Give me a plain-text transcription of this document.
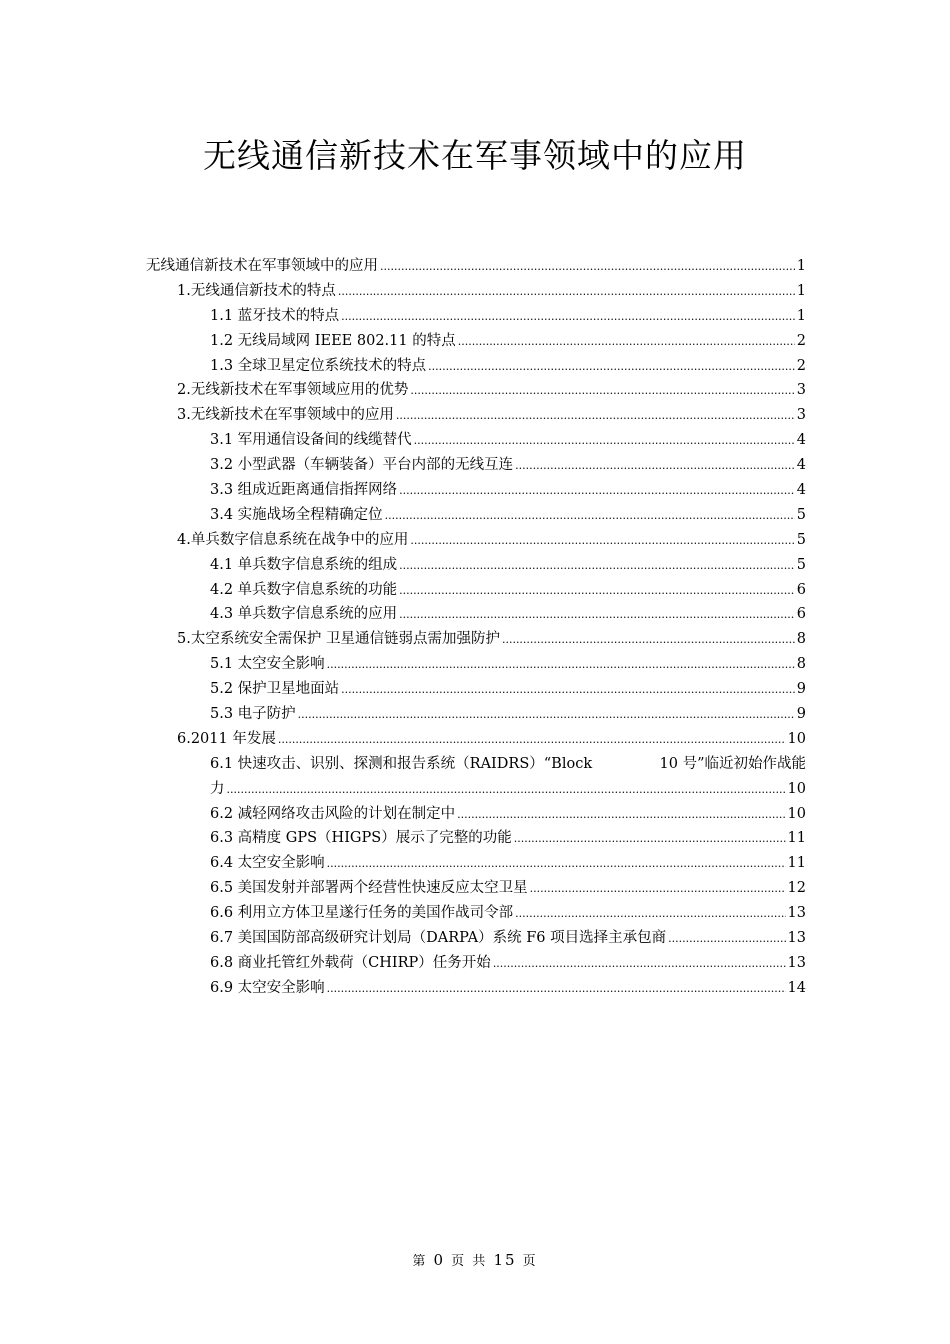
无线通信新技术在军事领域中的应用
无线通信新技术在军事领域中的应用 .....	1
1.无线通信新技术的特点 .....	1
1.1 蓝牙技术的特点 .....	1
1.2 无线局域网 IEEE 802.11 的特点 .....	2
1.3 全球卫星定位系统技术的特点 .....	2
2.无线新技术在军事领域应用的优势 .....	3
3.无线新技术在军事领域中的应用 .....	3
3.1 军用通信设备间的线缆替代 .....	4
3.2 小型武器（车辆装备）平台内部的无线互连 .....	4
3.3 组成近距离通信指挥网络 .....	4
3.4 实施战场全程精确定位 .....	5
4.单兵数字信息系统在战争中的应用 .....	5
4.1 单兵数字信息系统的组成 .....	5
4.2 单兵数字信息系统的功能 .....	6
4.3 单兵数字信息系统的应用 .....	6
5.太空系统安全需保护 卫星通信链弱点需加强防护 .....	8
5.1 太空安全影响 .....	8
5.2 保护卫星地面站 .....	9
5.3 电子防护 .....	9
6.2011 年发展 .....	10
6.1 快速攻击、识别、探测和报告系统（RAIDRS）“Block	10 号”临近初始作战能
力 .....	10
6.2 减轻网络攻击风险的计划在制定中 .....	10
6.3 高精度 GPS（HIGPS）展示了完整的功能 .....	11
6.4 太空安全影响 .....	11
6.5 美国发射并部署两个经营性快速反应太空卫星 .....	12
6.6 利用立方体卫星遂行任务的美国作战司令部 .....	13
6.7 美国国防部高级研究计划局（DARPA）系统 F6 项目选择主承包商 .....	13
6.8 商业托管红外载荷（CHIRP）任务开始 .....	13
6.9 太空安全影响 .....	14
第 0 页 共 15 页
